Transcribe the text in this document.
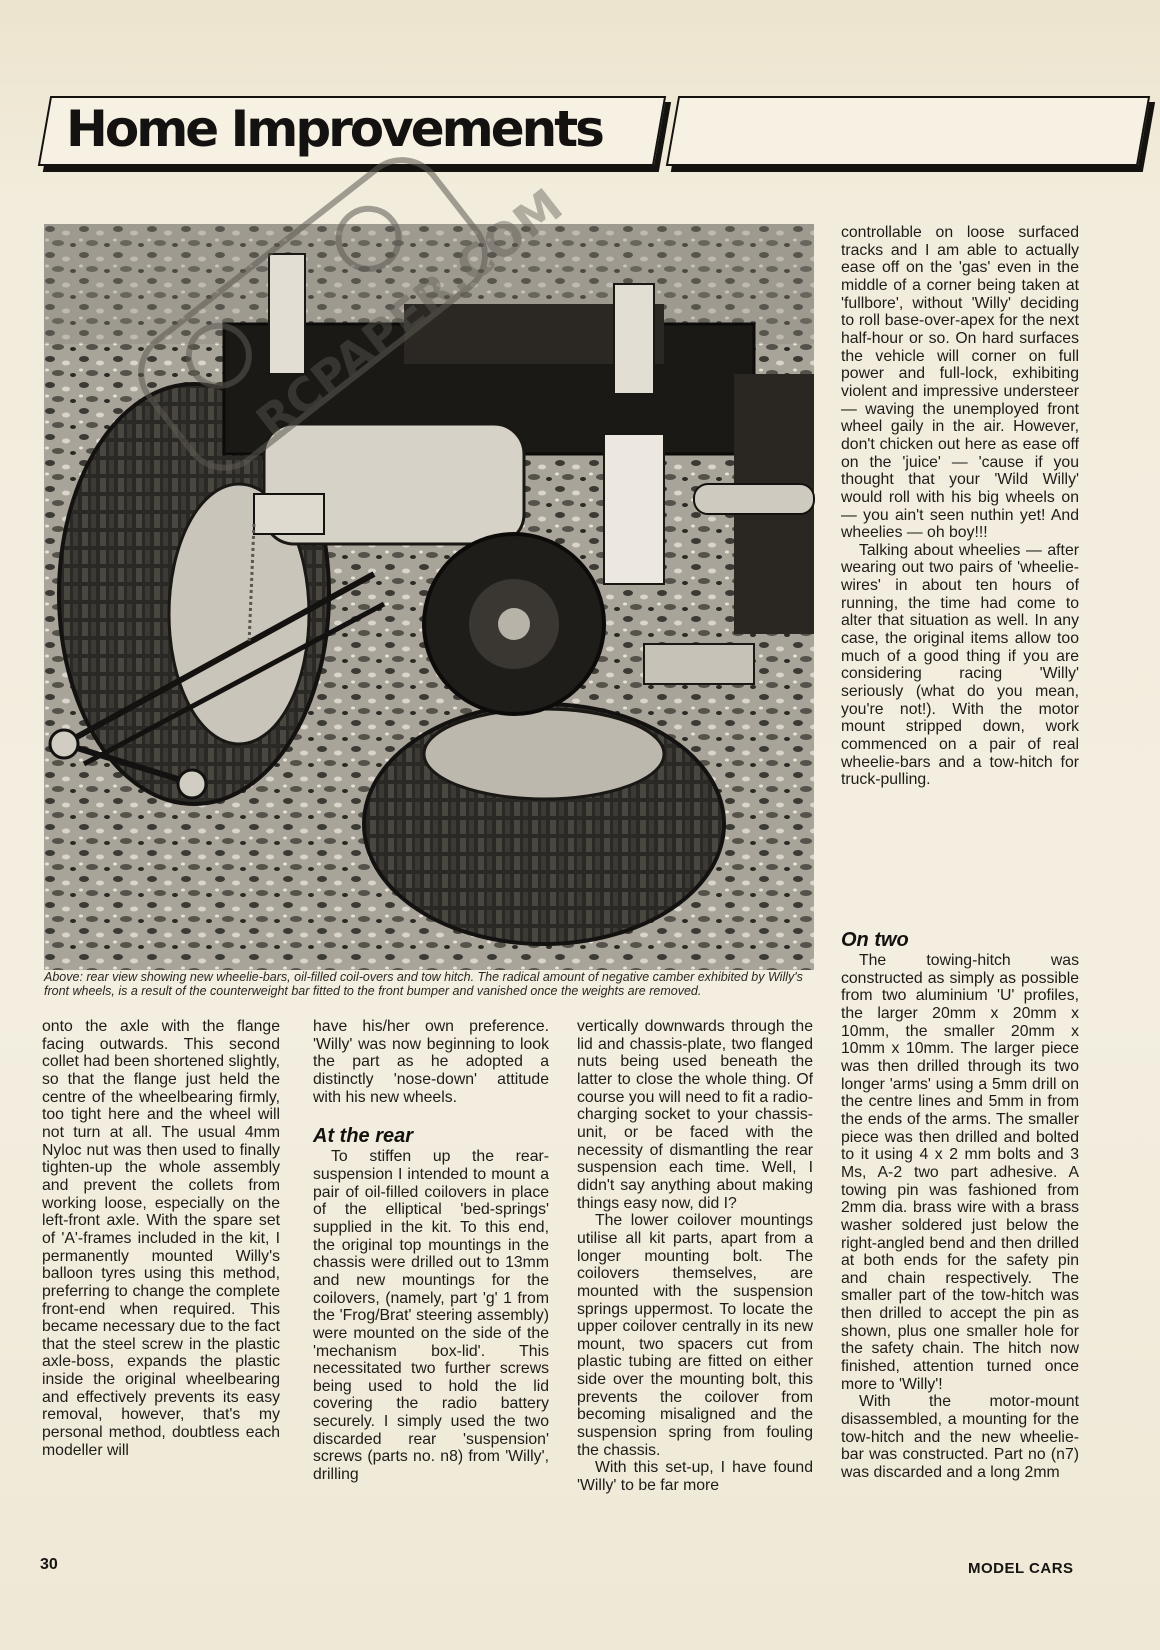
Home Improvements
RCPAPER.COM
Above: rear view showing new wheelie-bars, oil-filled coil-overs and tow hitch. The radical amount of negative camber exhibited by Willy's front wheels, is a result of the counterweight bar fitted to the front bumper and vanished once the weights are removed.

onto the axle with the flange facing outwards. This second collet had been shortened slightly, so that the flange just held the centre of the wheelbearing firmly, too tight here and the wheel will not turn at all. The usual 4mm Nyloc nut was then used to finally tighten-up the whole assembly and prevent the collets from working loose, especially on the left-front axle. With the spare set of 'A'-frames included in the kit, I permanently mounted Willy's balloon tyres using this method, preferring to change the complete front-end when required. This became necessary due to the fact that the steel screw in the plastic axle-boss, expands the plastic inside the original wheelbearing and effectively prevents its easy removal, however, that's my personal method, doubtless each modeller will

have his/her own preference. 'Willy' was now beginning to look the part as he adopted a distinctly 'nose-down' attitude with his new wheels.

At the rear

To stiffen up the rear-suspension I intended to mount a pair of oil-filled coilovers in place of the elliptical 'bed-springs' supplied in the kit. To this end, the original top mountings in the chassis were drilled out to 13mm and new mountings for the coilovers, (namely, part 'g' 1 from the 'Frog/Brat' steering assembly) were mounted on the side of the 'mechanism box-lid'. This necessitated two further screws being used to hold the lid covering the radio battery securely. I simply used the two discarded rear 'suspension' screws (parts no. n8) from 'Willy', drilling

vertically downwards through the lid and chassis-plate, two flanged nuts being used beneath the latter to close the whole thing. Of course you will need to fit a radio-charging socket to your chassis-unit, or be faced with the necessity of dismantling the rear suspension each time. Well, I didn't say anything about making things easy now, did I?

The lower coilover mountings utilise all kit parts, apart from a longer mounting bolt. The coilovers themselves, are mounted with the suspension springs uppermost. To locate the upper coilover centrally in its new mount, two spacers cut from plastic tubing are fitted on either side over the mounting bolt, this prevents the coilover from becoming misaligned and the suspension spring from fouling the chassis.

With this set-up, I have found 'Willy' to be far more

controllable on loose surfaced tracks and I am able to actually ease off on the 'gas' even in the middle of a corner being taken at 'fullbore', without 'Willy' deciding to roll base-over-apex for the next half-hour or so. On hard surfaces the vehicle will corner on full power and full-lock, exhibiting violent and impressive understeer — waving the unemployed front wheel gaily in the air. However, don't chicken out here as ease off on the 'juice' — 'cause if you thought that your 'Wild Willy' would roll with his big wheels on — you ain't seen nuthin yet! And wheelies — oh boy!!!

Talking about wheelies — after wearing out two pairs of 'wheelie-wires' in about ten hours of running, the time had come to alter that situation as well. In any case, the original items allow too much of a good thing if you are considering racing 'Willy' seriously (what do you mean, you're not!). With the motor mount stripped down, work commenced on a pair of real wheelie-bars and a tow-hitch for truck-pulling.

On two

The towing-hitch was constructed as simply as possible from two aluminium 'U' profiles, the larger 20mm x 20mm x 10mm, the smaller 20mm x 10mm x 10mm. The larger piece was then drilled through its two longer 'arms' using a 5mm drill on the centre lines and 5mm in from the ends of the arms. The smaller piece was then drilled and bolted to it using 4 x 2 mm bolts and 3 Ms, A-2 two part adhesive. A towing pin was fashioned from 2mm dia. brass wire with a brass washer soldered just below the right-angled bend and then drilled at both ends for the safety pin and chain respectively. The smaller part of the tow-hitch was then drilled to accept the pin as shown, plus one smaller hole for the safety chain. The hitch now finished, attention turned once more to 'Willy'!

With the motor-mount disassembled, a mounting for the tow-hitch and the new wheelie-bar was constructed. Part no (n7) was discarded and a long 2mm

30	MODEL CARS
